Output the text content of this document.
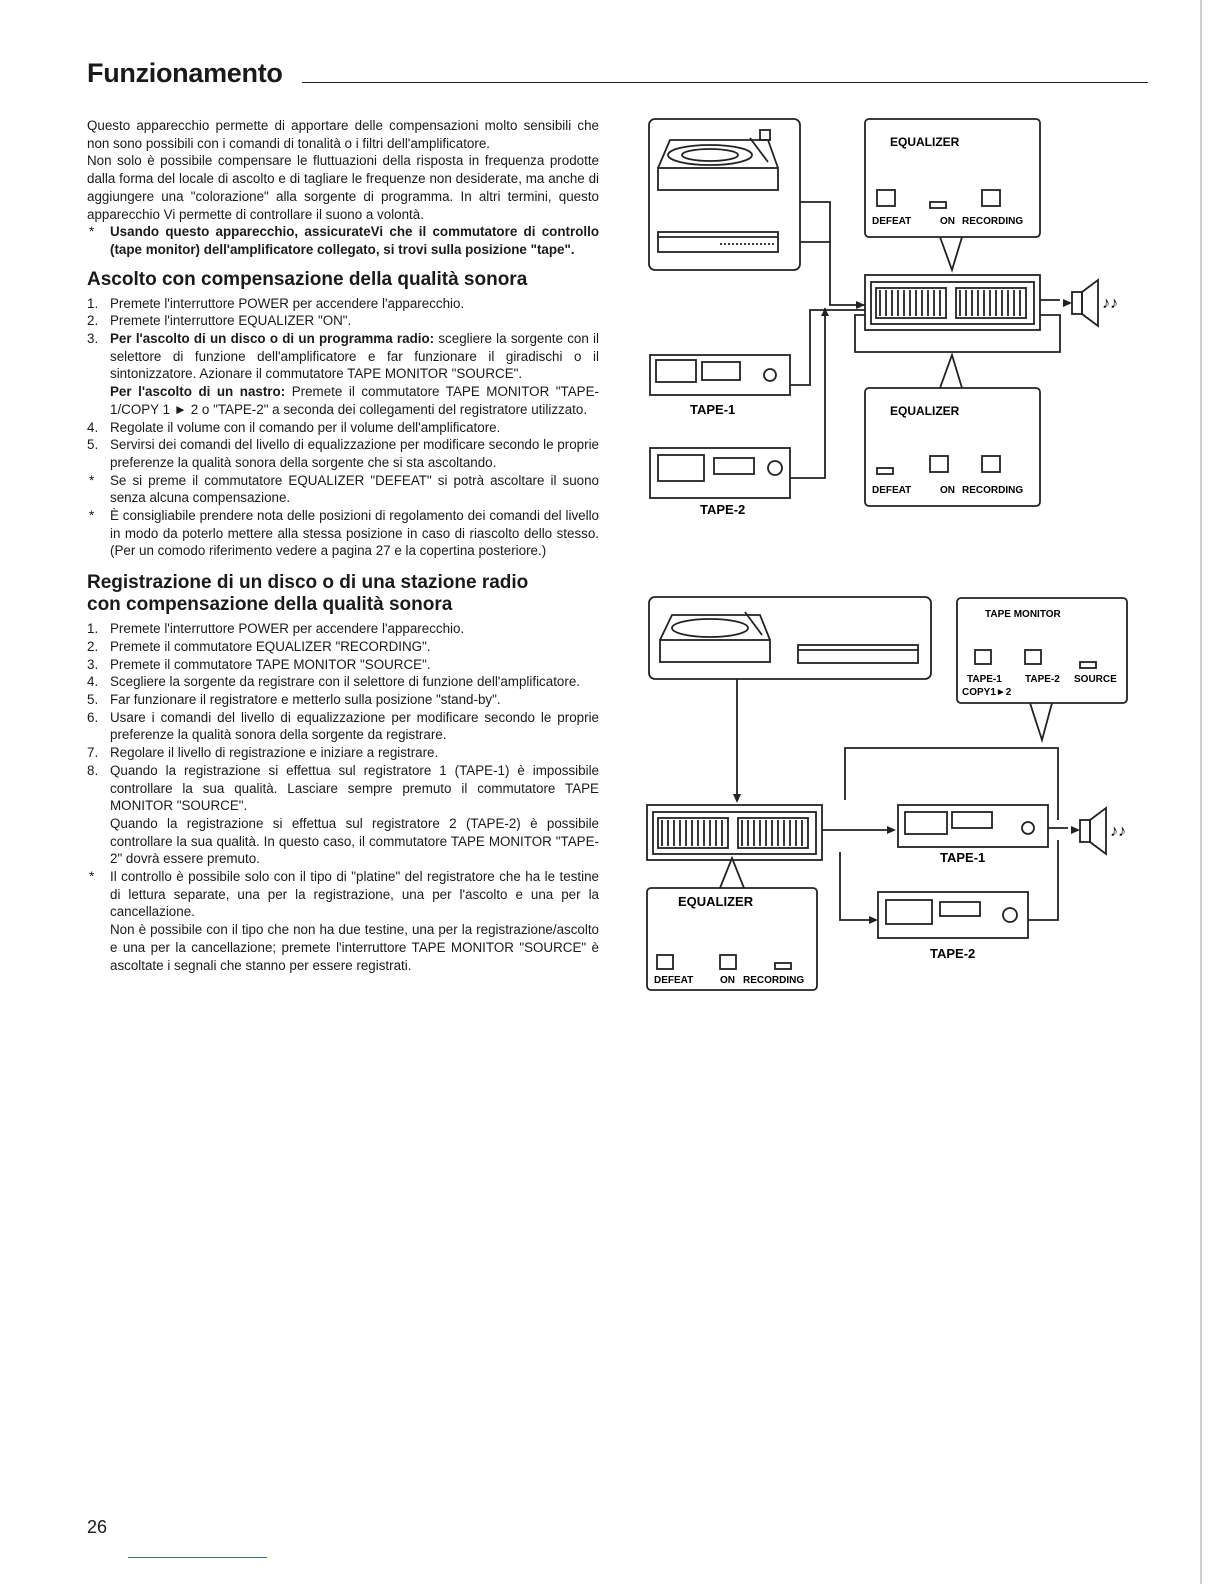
Funzionamento

Questo apparecchio permette di apportare delle compensazioni molto sensibili che non sono possibili con i comandi di tonalità o i filtri dell'amplificatore.

Non solo è possibile compensare le fluttuazioni della risposta in frequenza prodotte dalla forma del locale di ascolto e di tagliare le frequenze non desiderate, ma anche di aggiungere una "colorazione" alla sorgente di programma. In altri termini, questo apparecchio Vi permette di controllare il suono a volontà.

* Usando questo apparecchio, assicurateVi che il commutatore di controllo (tape monitor) dell'amplificatore collegato, si trovi sulla posizione "tape".
Ascolto con compensazione della qualità sonora
1. Premete l'interruttore POWER per accendere l'apparecchio.
2. Premete l'interruttore EQUALIZER "ON".
3. Per l'ascolto di un disco o di un programma radio: scegliere la sorgente con il selettore di funzione dell'amplificatore e far funzionare il giradischi o il sintonizzatore. Azionare il commutatore TAPE MONITOR "SOURCE".
Per l'ascolto di un nastro: Premete il commutatore TAPE MONITOR "TAPE-1/COPY 1 ► 2 o "TAPE-2" a seconda dei collegamenti del registratore utilizzato.
4. Regolate il volume con il comando per il volume dell'amplificatore.
5. Servirsi dei comandi del livello di equalizzazione per modificare secondo le proprie preferenze la qualità sonora della sorgente che si sta ascoltando.
* Se si preme il commutatore EQUALIZER "DEFEAT" si potrà ascoltare il suono senza alcuna compensazione.
* È consigliabile prendere nota delle posizioni di regolamento dei comandi del livello in modo da poterlo mettere alla stessa posizione in caso di riascolto dello stesso. (Per un comodo riferimento vedere a pagina 27 e la copertina posteriore.)
Registrazione di un disco o di una stazione radio
con compensazione della qualità sonora
1. Premete l'interruttore POWER per accendere l'apparecchio.
2. Premete il commutatore EQUALIZER "RECORDING".
3. Premete il commutatore TAPE MONITOR "SOURCE".
4. Scegliere la sorgente da registrare con il selettore di funzione dell'amplificatore.
5. Far funzionare il registratore e metterlo sulla posizione "stand-by".
6. Usare i comandi del livello di equalizzazione per modificare secondo le proprie preferenze la qualità sonora della sorgente da registrare.
7. Regolare il livello di registrazione e iniziare a registrare.
8. Quando la registrazione si effettua sul registratore 1 (TAPE-1) è impossibile controllare la sua qualità. Lasciare sempre premuto il commutatore TAPE MONITOR "SOURCE".
Quando la registrazione si effettua sul registratore 2 (TAPE-2) è possibile controllare la sua qualità. In questo caso, il commutatore TAPE MONITOR "TAPE-2" dovrà essere premuto.
* Il controllo è possibile solo con il tipo di "platine" del registratore che ha le testine di lettura separate, una per la registrazione, una per l'ascolto e una per la cancellazione.
Non è possibile con il tipo che non ha due testine, una per la registrazione/ascolto e una per la cancellazione; premete l'interruttore TAPE MONITOR "SOURCE" è ascoltate i segnali che stanno per essere registrati.
EQUALIZER
DEFEAT	ON RECORDING
EQUALIZER
DEFEAT	ON RECORDING
TAPE-1
TAPE-2
♪♪
TAPE MONITOR
TAPE-1 TAPE-2 SOURCE
COPY1►2
EQUALIZER
DEFEAT	ON RECORDING
TAPE-1
TAPE-2
♪♪
26
